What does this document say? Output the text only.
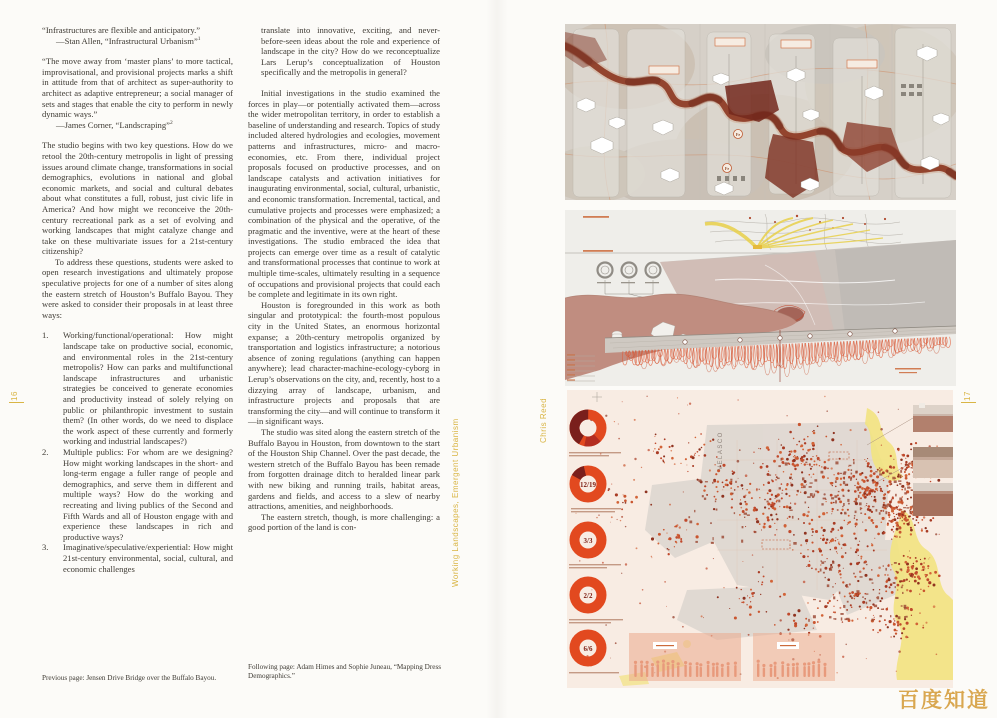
“Infrastructures are flexible and anticipatory.”
—Stan Allen, “Infrastructural Urbanism”$^1$
“The move away from ‘master plans’ to more tactical, improvisational, and provisional projects marks a shift in attitude from that of architect as super-authority to architect as adaptive entrepreneur; a social manager of sets and stages that enable the city to perform in newly dynamic ways.”
—James Corner, “Landscraping”$^2$

The studio begins with two key questions. How do we retool the 20th-century metropolis in light of pressing issues around climate change, transformations in social demographics, evolutions in national and global economic markets, and social and cultural debates about what constitutes a full, robust, just civic life in America? And how might we reconceive the 20th-century recreational park as a set of evolving and working landscapes that might catalyze change and take on these multivariate issues for a 21st-century citizenship?

To address these questions, students were asked to open research investigations and ultimately propose speculative projects for one of a number of sites along the eastern stretch of Houston’s Buffalo Bayou. They were asked to consider their proposals in at least three ways:

1. Working/functional/operational: How might landscape take on productive social, economic, and environmental roles in the 21st-century metropolis? How can parks and multifunctional landscape infrastructures and urbanistic strategies be conceived to generate economies and productivity instead of solely relying on public or philanthropic investment to sustain them? (In other words, do we need to displace the work aspect of these currently and formerly working and industrial landscapes?)
2. Multiple publics: For whom are we designing? How might working landscapes in the short- and long-term engage a fuller range of people and demographics, and serve them in different and multiple ways? How do the working and recreating and living publics of the Second and Fifth Wards and all of Houston engage with and experience these landscapes in rich and productive ways?
3. Imaginative/speculative/experiential: How might 21st-century environmental, social, cultural, and economic challenges
Previous page: Jensen Drive Bridge over the Buffalo Bayou.
translate into innovative, exciting, and never-before-seen ideas about the role and experience of landscape in the city? How do we reconceptualize Lars Lerup’s conceptualization of Houston specifically and the metropolis in general?

Initial investigations in the studio examined the forces in play—or potentially activated them—across the wider metropolitan territory, in order to establish a baseline of understanding and research. Topics of study included altered hydrologies and ecologies, movement patterns and infrastructures, micro- and macro-economies, etc. From there, individual project proposals focused on productive processes, and on landscape catalysts and activation initiatives for inaugurating environmental, social, cultural, urbanistic, and economic transformation. Incremental, tactical, and cumulative projects and processes were emphasized; a combination of the physical and the operative, of the pragmatic and the inventive, were at the heart of these investigations. The studio embraced the idea that projects can emerge over time as a result of catalytic and transformational processes that continue to work at multiple time-scales, ultimately resulting in a sequence of occupations and provisional projects that could each be complete and legitimate in its own right.

Houston is foregrounded in this work as both singular and prototypical: the fourth-most populous city in the United States, an enormous horizontal expanse; a 20th-century metropolis organized by transportation and logistics infrastructure; a notorious absence of zoning regulations (anything can happen anywhere); lead character-machine-ecology-cyborg in Lerup’s observations on the city, and, recently, host to a dizzying array of landscape, urbanism, and infrastructure projects and proposals that are transforming the city—and will continue to transform it—in significant ways.

The studio was sited along the eastern stretch of the Buffalo Bayou in Houston, from downtown to the start of the Houston Ship Channel. Over the past decade, the western stretch of the Buffalo Bayou has been remade from forgotten drainage ditch to heralded linear park with new biking and running trails, habitat areas, gardens and fields, and access to a slew of nearby attractions, amenities, and neighborhoods.

The eastern stretch, though, is more challenging: a good portion of the land is con-

Following page: Adam Himes and Sophie Juneau, “Mapping Dress Demographics.”
Working Landscapes, Emergent Urbanism	Chris Reed
16	17
Fe
Fe
VELASCO
12/19
3/3
2/2
6/6
百度知道
